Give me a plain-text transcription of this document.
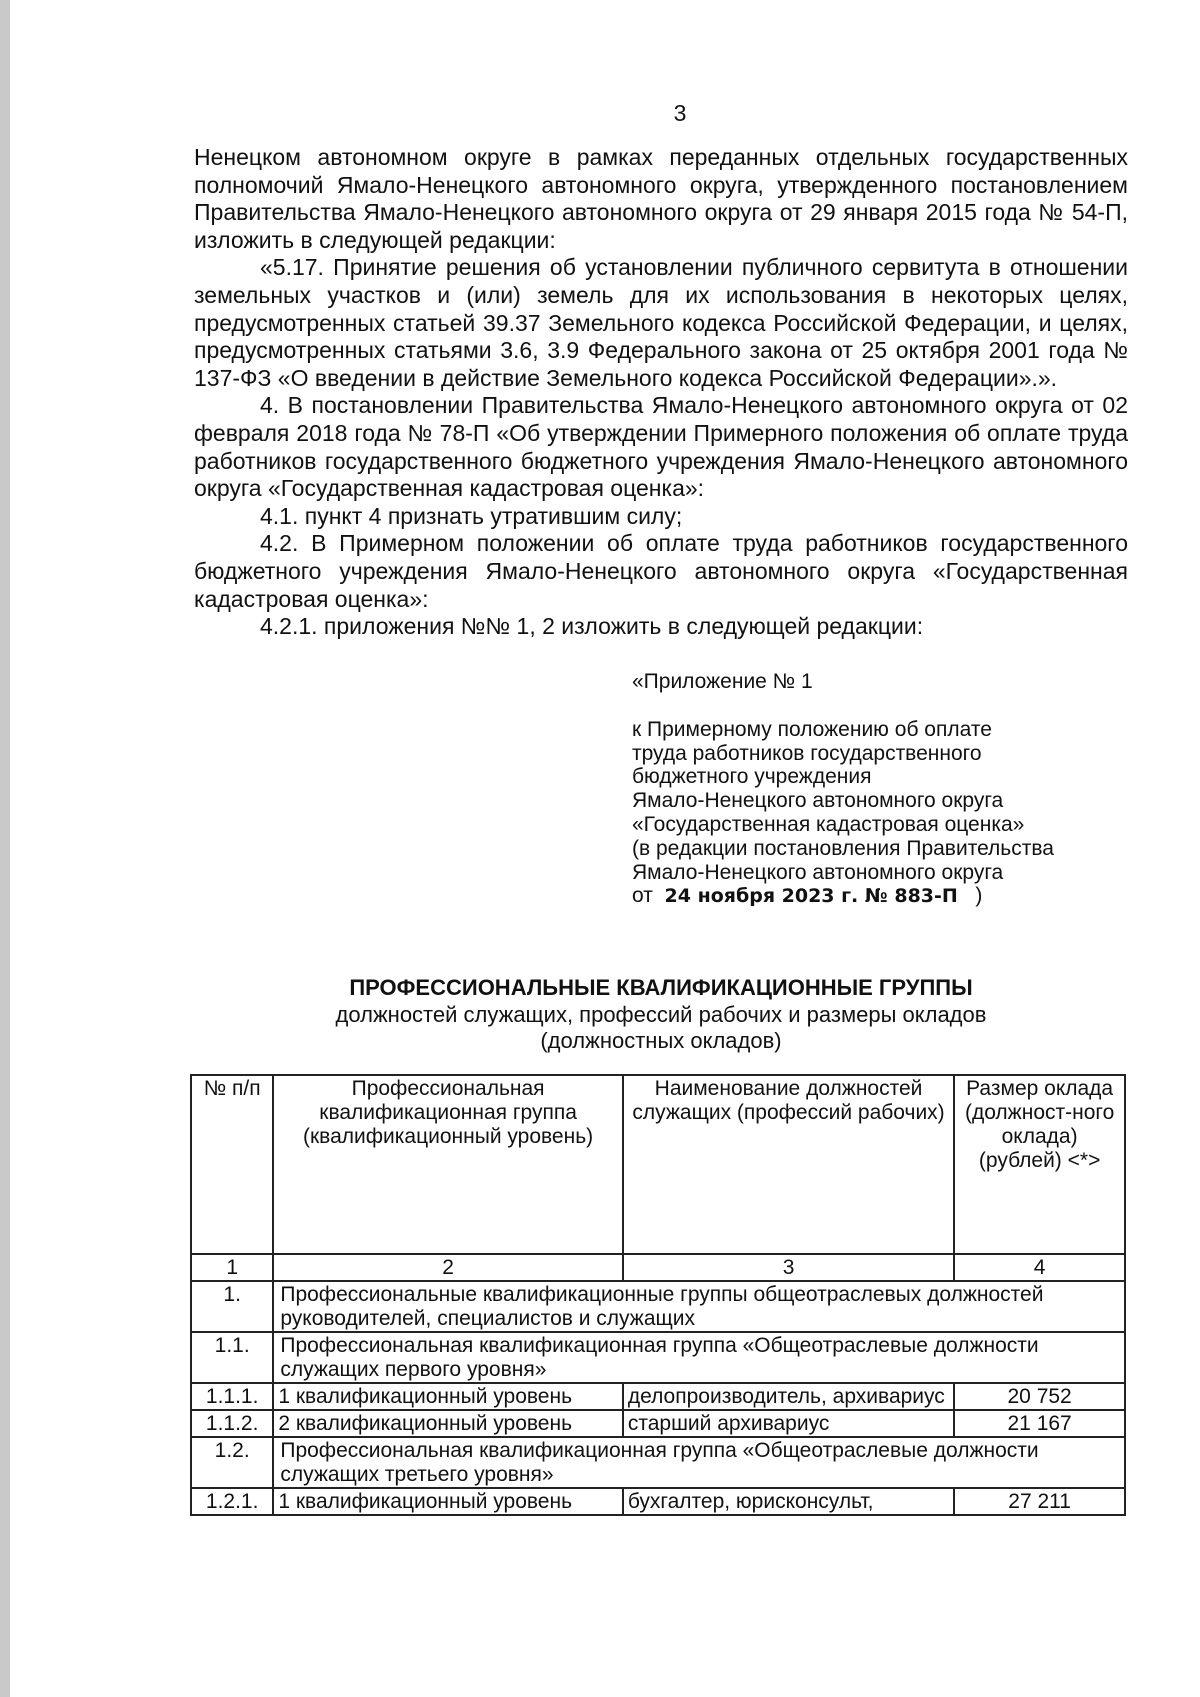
3

Ненецком автономном округе в рамках переданных отдельных государственных полномочий Ямало-Ненецкого автономного округа, утвержденного постановлением Правительства Ямало-Ненецкого автономного округа от 29 января 2015 года № 54-П, изложить в следующей редакции:

«5.17. Принятие решения об установлении публичного сервитута в отношении земельных участков и (или) земель для их использования в некоторых целях, предусмотренных статьей 39.37 Земельного кодекса Российской Федерации, и целях, предусмотренных статьями 3.6, 3.9 Федерального закона от 25 октября 2001 года № 137-ФЗ «О введении в действие Земельного кодекса Российской Федерации».».

4. В постановлении Правительства Ямало-Ненецкого автономного округа от 02 февраля 2018 года № 78-П «Об утверждении Примерного положения об оплате труда работников государственного бюджетного учреждения Ямало-Ненецкого автономного округа «Государственная кадастровая оценка»:

4.1. пункт 4 признать утратившим силу;

4.2. В Примерном положении об оплате труда работников государственного бюджетного учреждения Ямало-Ненецкого автономного округа «Государственная кадастровая оценка»:

4.2.1. приложения №№ 1, 2 изложить в следующей редакции:

«Приложение № 1
к Примерному положению об оплате
труда работников государственного
бюджетного учреждения
Ямало-Ненецкого автономного округа
«Государственная кадастровая оценка»
(в редакции постановления Правительства
Ямало-Ненецкого автономного округа
от 24 ноября 2023 г. № 883-П )
ПРОФЕССИОНАЛЬНЫЕ КВАЛИФИКАЦИОННЫЕ ГРУППЫ
должностей служащих, профессий рабочих и размеры окладов
(должностных окладов)
№ п/п	Профессиональная квалификационная группа (квалификационный уровень)	Наименование должностей служащих (профессий рабочих)	Размер оклада (должност-ного оклада) (рублей) <*>
1	2	3	4
1.	Профессиональные квалификационные группы общеотраслевых должностей руководителей, специалистов и служащих		
1.1.	Профессиональная квалификационная группа «Общеотраслевые должности служащих первого уровня»		
1.1.1.	1 квалификационный уровень	делопроизводитель, архивариус	20 752
1.1.2.	2 квалификационный уровень	старший архивариус	21 167
1.2.	Профессиональная квалификационная группа «Общеотраслевые должности служащих третьего уровня»		
1.2.1.	1 квалификационный уровень	бухгалтер, юрисконсульт,	27 211
